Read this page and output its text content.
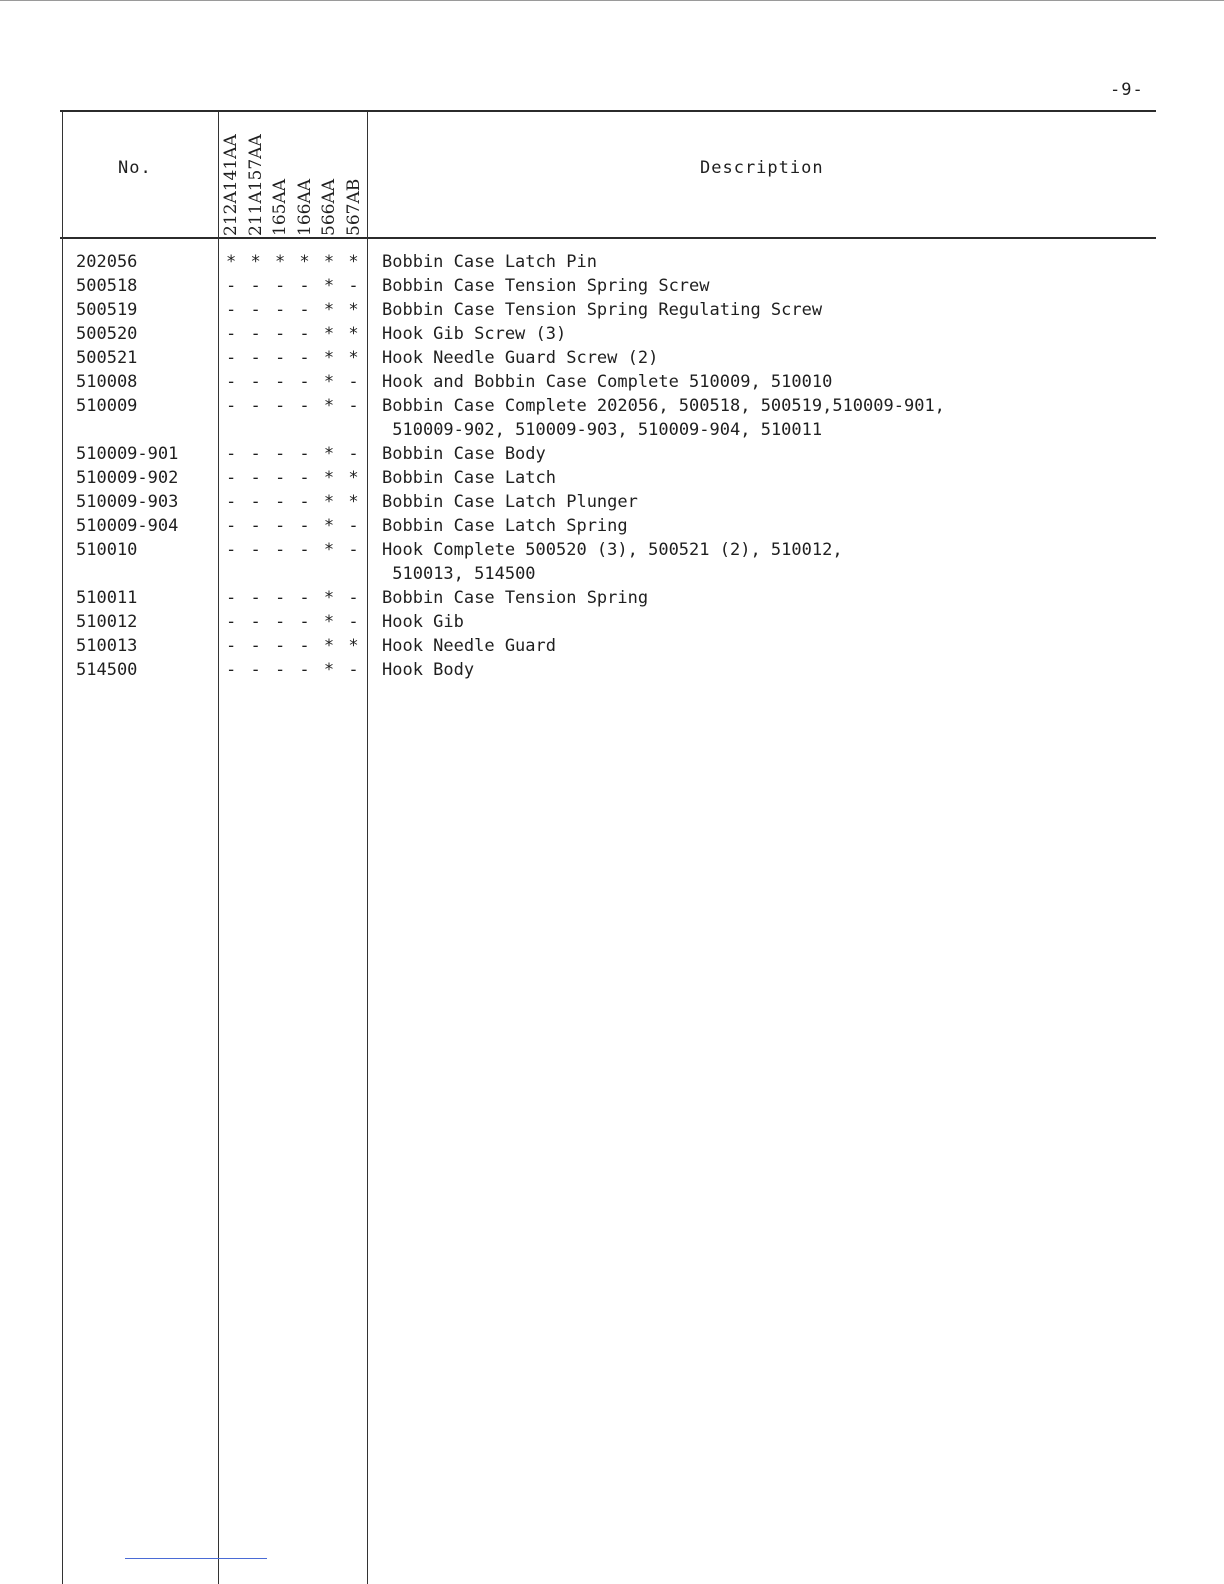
-9-
No.	Description
212A141AA 211A157AA 165AA 166AA 566AA 567AB
202056	* * * * * * Bobbin Case Latch Pin
500518	- - - - * - Bobbin Case Tension Spring Screw
500519	- - - - * * Bobbin Case Tension Spring Regulating Screw
500520	- - - - * * Hook Gib Screw (3)
500521	- - - - * * Hook Needle Guard Screw (2)
510008	- - - - * - Hook and Bobbin Case Complete 510009, 510010
510009	- - - - * - Bobbin Case Complete 202056, 500518, 500519,510009-901,
510009-902, 510009-903, 510009-904, 510011
510009-901	- - - - * - Bobbin Case Body
510009-902	- - - - * * Bobbin Case Latch
510009-903	- - - - * * Bobbin Case Latch Plunger
510009-904	- - - - * - Bobbin Case Latch Spring
510010	- - - - * - Hook Complete 500520 (3), 500521 (2), 510012,
510013, 514500
510011	- - - - * - Bobbin Case Tension Spring
510012	- - - - * - Hook Gib
510013	- - - - * * Hook Needle Guard
514500	- - - - * - Hook Body
